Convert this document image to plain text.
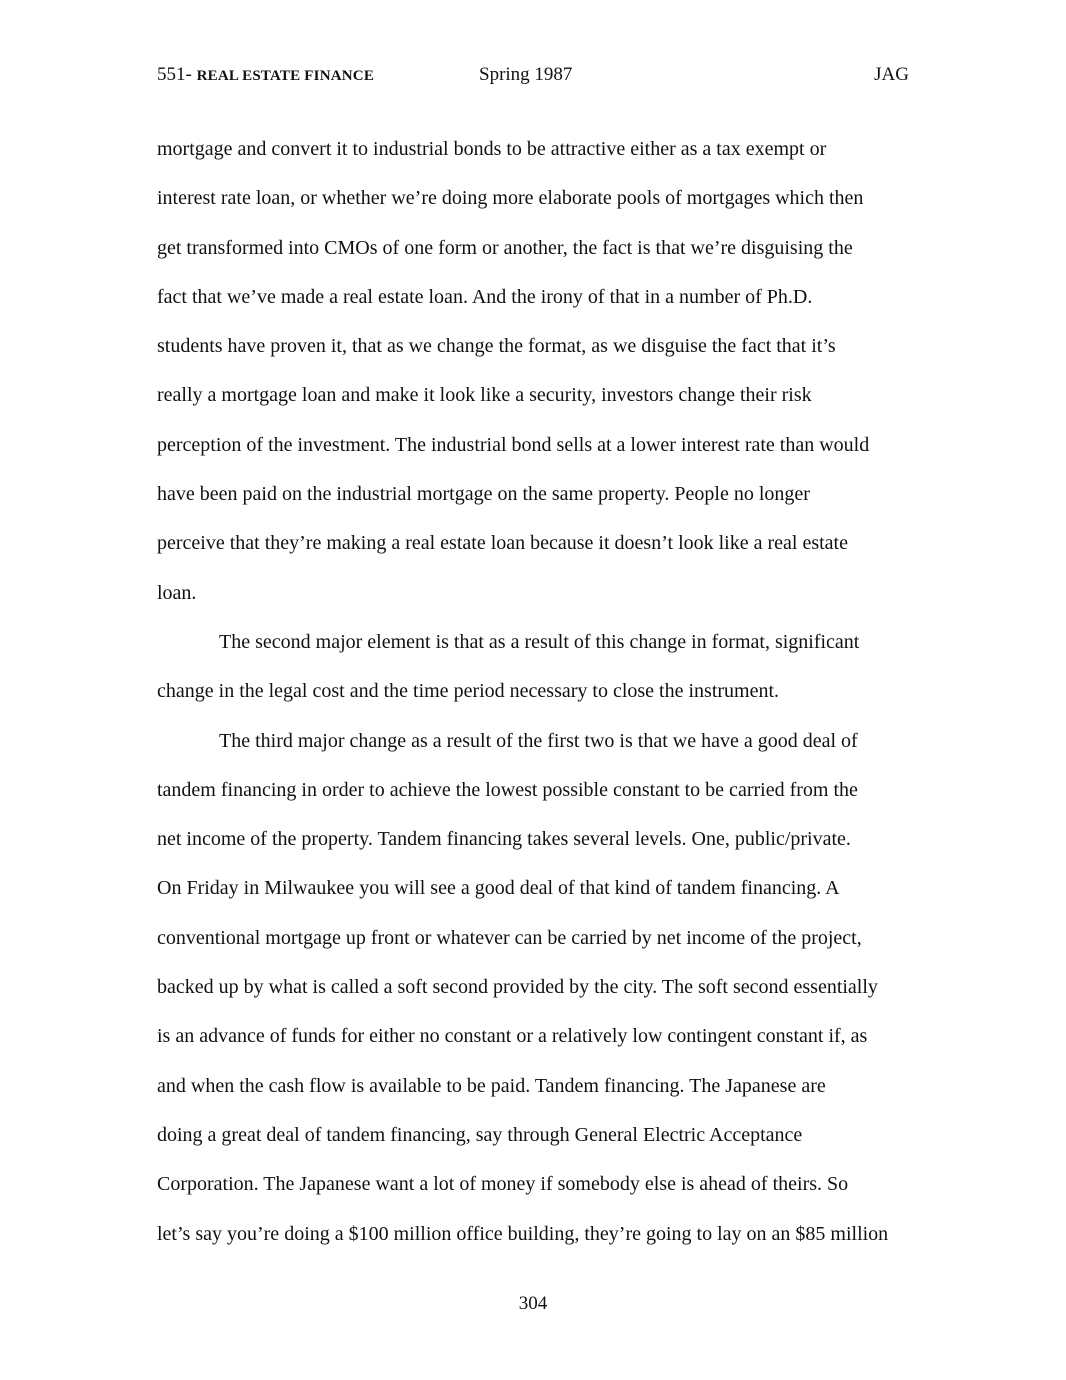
551- REAL ESTATE FINANCE	Spring 1987	JAG
mortgage and convert it to industrial bonds to be attractive either as a tax exempt or
interest rate loan, or whether we’re doing more elaborate pools of mortgages which then
get transformed into CMOs of one form or another, the fact is that we’re disguising the
fact that we’ve made a real estate loan. And the irony of that in a number of Ph.D.
students have proven it, that as we change the format, as we disguise the fact that it’s
really a mortgage loan and make it look like a security, investors change their risk
perception of the investment. The industrial bond sells at a lower interest rate than would
have been paid on the industrial mortgage on the same property. People no longer
perceive that they’re making a real estate loan because it doesn’t look like a real estate
loan.
The second major element is that as a result of this change in format, significant
change in the legal cost and the time period necessary to close the instrument.
The third major change as a result of the first two is that we have a good deal of
tandem financing in order to achieve the lowest possible constant to be carried from the
net income of the property. Tandem financing takes several levels. One, public/private.
On Friday in Milwaukee you will see a good deal of that kind of tandem financing. A
conventional mortgage up front or whatever can be carried by net income of the project,
backed up by what is called a soft second provided by the city. The soft second essentially
is an advance of funds for either no constant or a relatively low contingent constant if, as
and when the cash flow is available to be paid. Tandem financing. The Japanese are
doing a great deal of tandem financing, say through General Electric Acceptance
Corporation. The Japanese want a lot of money if somebody else is ahead of theirs. So
let’s say you’re doing a $100 million office building, they’re going to lay on an $85 million
304
